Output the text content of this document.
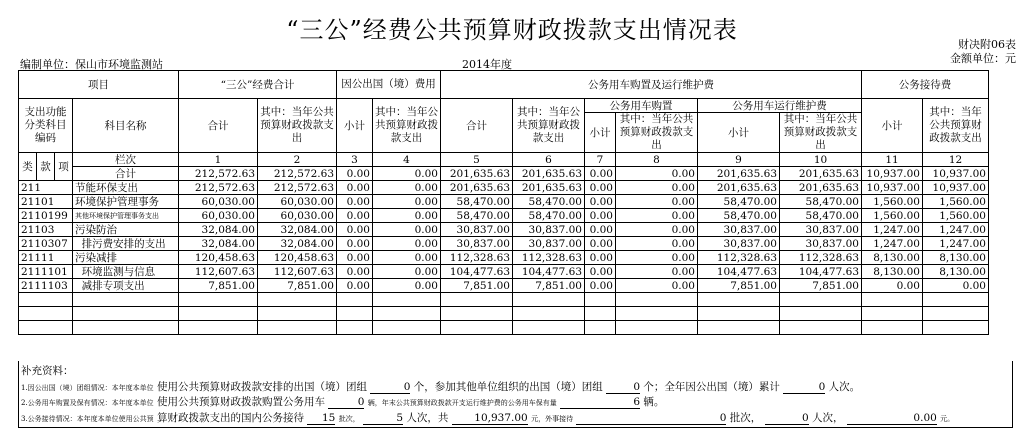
“三公”经费公共预算财政拨款支出情况表
财决附06表
金额单位：元
编制单位：保山市环境监测站	2014年度
项目				“三公”经费合计		因公出国（境）费用		公务用车购置及运行维护费						公务接待费	
支出功能分类科目编码			科目名称	合计	其中：当年公共预算财政拨款支出	小计	其中：当年公共预算财政拨款支出	合计	其中：当年公共预算财政拨款支出	公务用车购置		公务用车运行维护费		小计	其中：当年公共预算财政拨款支出
										小计	其中：当年公共预算财政拨款支出	小计	其中：当年公共预算财政拨款支出		
类	款	项	栏次	1	2	3	4	5	6	7	8	9	10	11	12
			合计	212,572.63	212,572.63	0.00	0.00	201,635.63	201,635.63	0.00	0.00	201,635.63	201,635.63	10,937.00	10,937.00
211			节能环保支出	212,572.63	212,572.63	0.00	0.00	201,635.63	201,635.63	0.00	0.00	201,635.63	201,635.63	10,937.00	10,937.00
21101			环境保护管理事务	60,030.00	60,030.00	0.00	0.00	58,470.00	58,470.00	0.00	0.00	58,470.00	58,470.00	1,560.00	1,560.00
2110199			其他环境保护管理事务支出	60,030.00	60,030.00	0.00	0.00	58,470.00	58,470.00	0.00	0.00	58,470.00	58,470.00	1,560.00	1,560.00
21103			污染防治	32,084.00	32,084.00	0.00	0.00	30,837.00	30,837.00	0.00	0.00	30,837.00	30,837.00	1,247.00	1,247.00
2110307			排污费安排的支出	32,084.00	32,084.00	0.00	0.00	30,837.00	30,837.00	0.00	0.00	30,837.00	30,837.00	1,247.00	1,247.00
21111			污染减排	120,458.63	120,458.63	0.00	0.00	112,328.63	112,328.63	0.00	0.00	112,328.63	112,328.63	8,130.00	8,130.00
2111101			环境监测与信息	112,607.63	112,607.63	0.00	0.00	104,477.63	104,477.63	0.00	0.00	104,477.63	104,477.63	8,130.00	8,130.00
2111103			减排专项支出	7,851.00	7,851.00	0.00	0.00	7,851.00	7,851.00	0.00	0.00	7,851.00	7,851.00	0.00	0.00

补充资料：
1.因公出国（境）团组情况：本年度本单位 使用公共预算财政拨款安排的出国（境）团组	0 个，参加其他单位组织的出国（境）团组	0 个；全年因公出国（境）累计	0 人次。
2.公务用车购置及保有情况：本年度本单位 使用公共预算财政拨款购置公务用车	0 辆，年末公共预算财政拨款开支运行维护费的公务用车保有量	6 辆。
3.公务接待情况：本年度本单位使用公共预 算财政拨款支出的国内公务接待 15 批次，	5 人次，共 10,937.00 元，外事接待	0 批次，	0 人次，	0.00 元。
